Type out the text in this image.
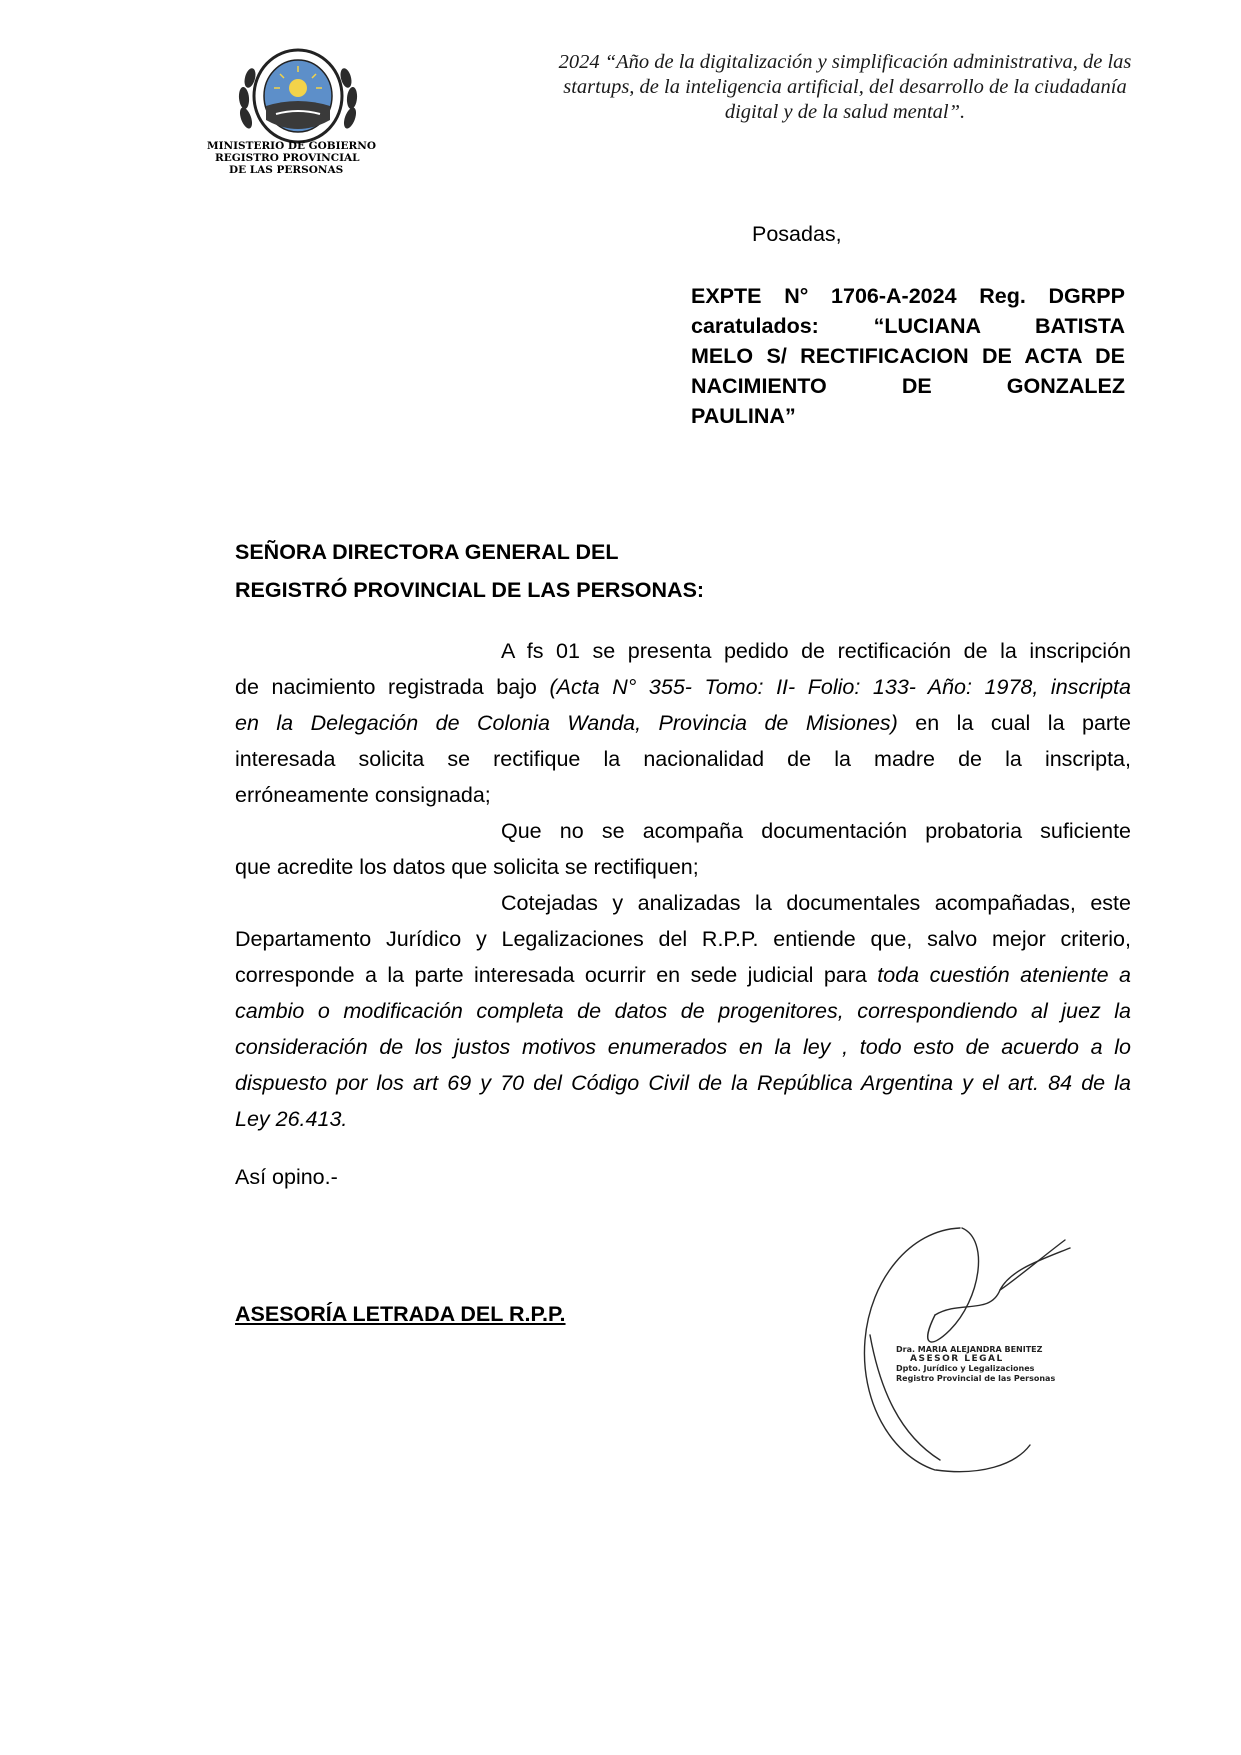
MINISTERIO DE GOBIERNO
REGISTRO PROVINCIAL
DE LAS PERSONAS
2024 “Año de la digitalización y simplificación administrativa, de las
startups, de la inteligencia artificial, del desarrollo de la ciudadanía
digital y de la salud mental”.
Posadas,
EXPTE N° 1706-A-2024 Reg. DGRPP
caratulados: “LUCIANA BATISTA
MELO S/ RECTIFICACION DE ACTA DE
NACIMIENTO DE GONZALEZ
PAULINA”
SEÑORA DIRECTORA GENERAL DEL
REGISTRÓ PROVINCIAL DE LAS PERSONAS:
A fs 01 se presenta pedido de rectificación de la inscripción
de nacimiento registrada bajo (Acta N° 355- Tomo: II- Folio: 133- Año: 1978, inscripta
en la Delegación de Colonia Wanda, Provincia de Misiones) en la cual la parte
interesada solicita se rectifique la nacionalidad de la madre de la inscripta,
erróneamente consignada;
Que no se acompaña documentación probatoria suficiente
que acredite los datos que solicita se rectifiquen;
Cotejadas y analizadas la documentales acompañadas, este
Departamento Jurídico y Legalizaciones del R.P.P. entiende que, salvo mejor criterio,
corresponde a la parte interesada ocurrir en sede judicial para toda cuestión ateniente a
cambio o modificación completa de datos de progenitores, correspondiendo al juez la
consideración de los justos motivos enumerados en la ley , todo esto de acuerdo a lo
dispuesto por los art 69 y 70 del Código Civil de la República Argentina y el art. 84 de la
Ley 26.413.
Así opino.-
ASESORÍA LETRADA DEL R.P.P.
Dra. MARIA ALEJANDRA BENITEZ
ASESOR LEGAL
Dpto. Jurídico y Legalizaciones
Registro Provincial de las Personas
